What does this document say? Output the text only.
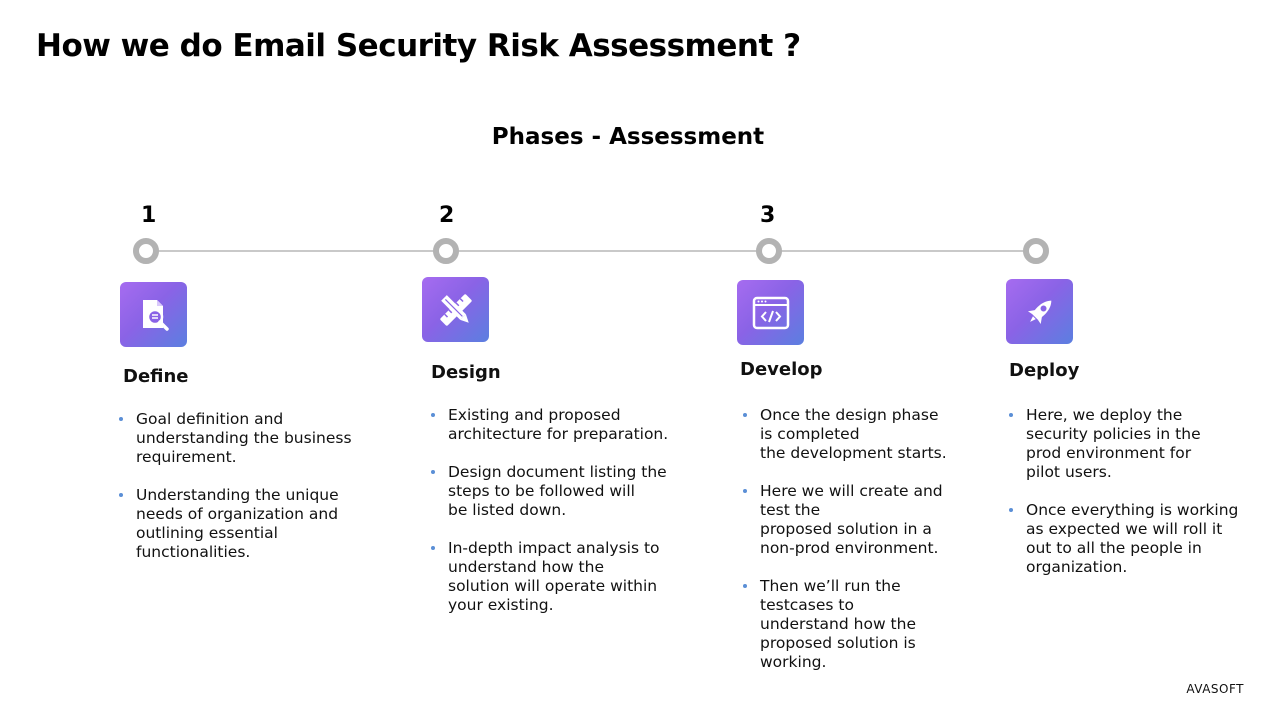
How we do Email Security Risk Assessment ?
Phases - Assessment
1	2	3
Define
Goal definition and
understanding the business
requirement.
Understanding the unique
needs of organization and
outlining essential
functionalities.
Design
Existing and proposed
architecture for preparation.
Design document listing the
steps to be followed will
be listed down.
In-depth impact analysis to
understand how the
solution will operate within
your existing.
Develop
Once the design phase
is completed
the development starts.
Here we will create and
test the
proposed solution in a
non-prod environment.
Then we’ll run the
testcases to
understand how the
proposed solution is
working.
Deploy
Here, we deploy the
security policies in the
prod environment for
pilot users.
Once everything is working
as expected we will roll it
out to all the people in
organization.
AVASOFT
